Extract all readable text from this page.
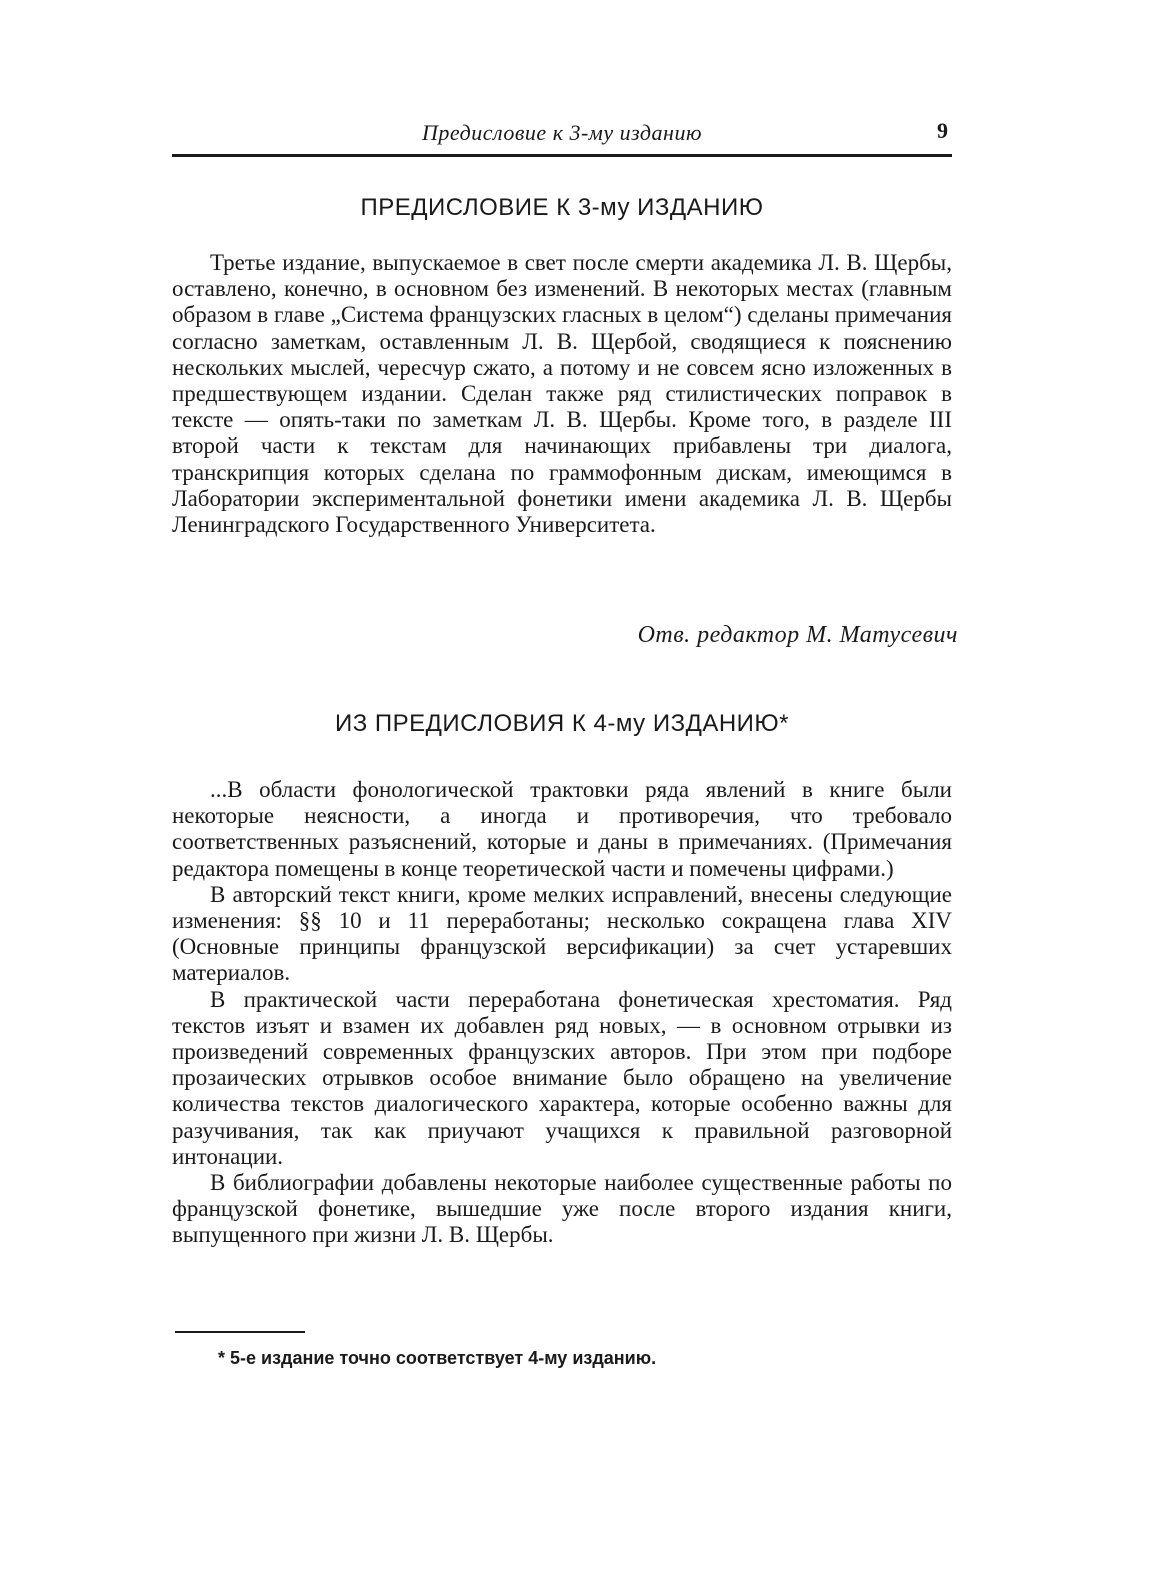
Предисловие к 3-му изданию	9
ПРЕДИСЛОВИЕ К 3-му ИЗДАНИЮ

Третье издание, выпускаемое в свет после смерти академика Л. В. Щербы, оставлено, конечно, в основном без изменений. В некоторых местах (главным образом в главе „Система французских гласных в целом“) сделаны примечания согласно заметкам, оставленным Л. В. Щербой, сводящиеся к пояснению нескольких мыслей, чересчур сжато, а потому и не совсем ясно изложенных в предшествующем издании. Сделан также ряд стилистических поправок в тексте — опять-таки по заметкам Л. В. Щербы. Кроме того, в разделе III второй части к текстам для начинающих прибавлены три диалога, транскрипция которых сделана по граммофонным дискам, имеющимся в Лаборатории экспериментальной фонетики имени академика Л. В. Щербы Ленинградского Государственного Университета.

Отв. редактор М. Матусевич
ИЗ ПРЕДИСЛОВИЯ К 4-му ИЗДАНИЮ*

...В области фонологической трактовки ряда явлений в книге были некоторые неясности, а иногда и противоречия, что требовало соответственных разъяснений, которые и даны в примечаниях. (Примечания редактора помещены в конце теоретической части и помечены цифрами.)

В авторский текст книги, кроме мелких исправлений, внесены следующие изменения: §§ 10 и 11 переработаны; несколько сокращена глава XIV (Основные принципы французской версификации) за счет устаревших материалов.

В практической части переработана фонетическая хрестоматия. Ряд текстов изъят и взамен их добавлен ряд новых, — в основном отрывки из произведений современных французских авторов. При этом при подборе прозаических отрывков особое внимание было обращено на увеличение количества текстов диалогического характера, которые особенно важны для разучивания, так как приучают учащихся к правильной разговорной интонации.

В библиографии добавлены некоторые наиболее существенные работы по французской фонетике, вышедшие уже после второго издания книги, выпущенного при жизни Л. В. Щербы.

* 5-е издание точно соответствует 4-му изданию.
